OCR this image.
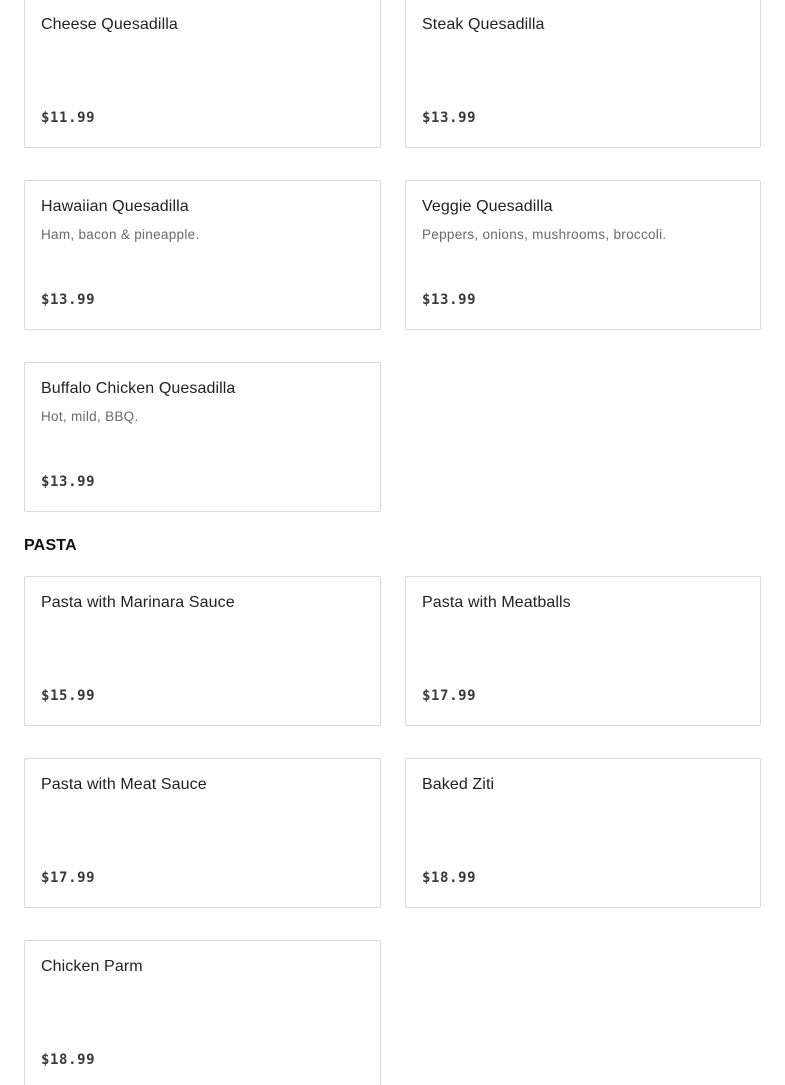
Cheese Quesadilla
$11.99
Steak Quesadilla
$13.99
Hawaiian Quesadilla
Ham, bacon & pineapple.
$13.99
Veggie Quesadilla
Peppers, onions, mushrooms, broccoli.
$13.99
Buffalo Chicken Quesadilla
Hot, mild, BBQ.
$13.99
PASTA
Pasta with Marinara Sauce
$15.99
Pasta with Meatballs
$17.99
Pasta with Meat Sauce
$17.99
Baked Ziti
$18.99
Chicken Parm
$18.99
